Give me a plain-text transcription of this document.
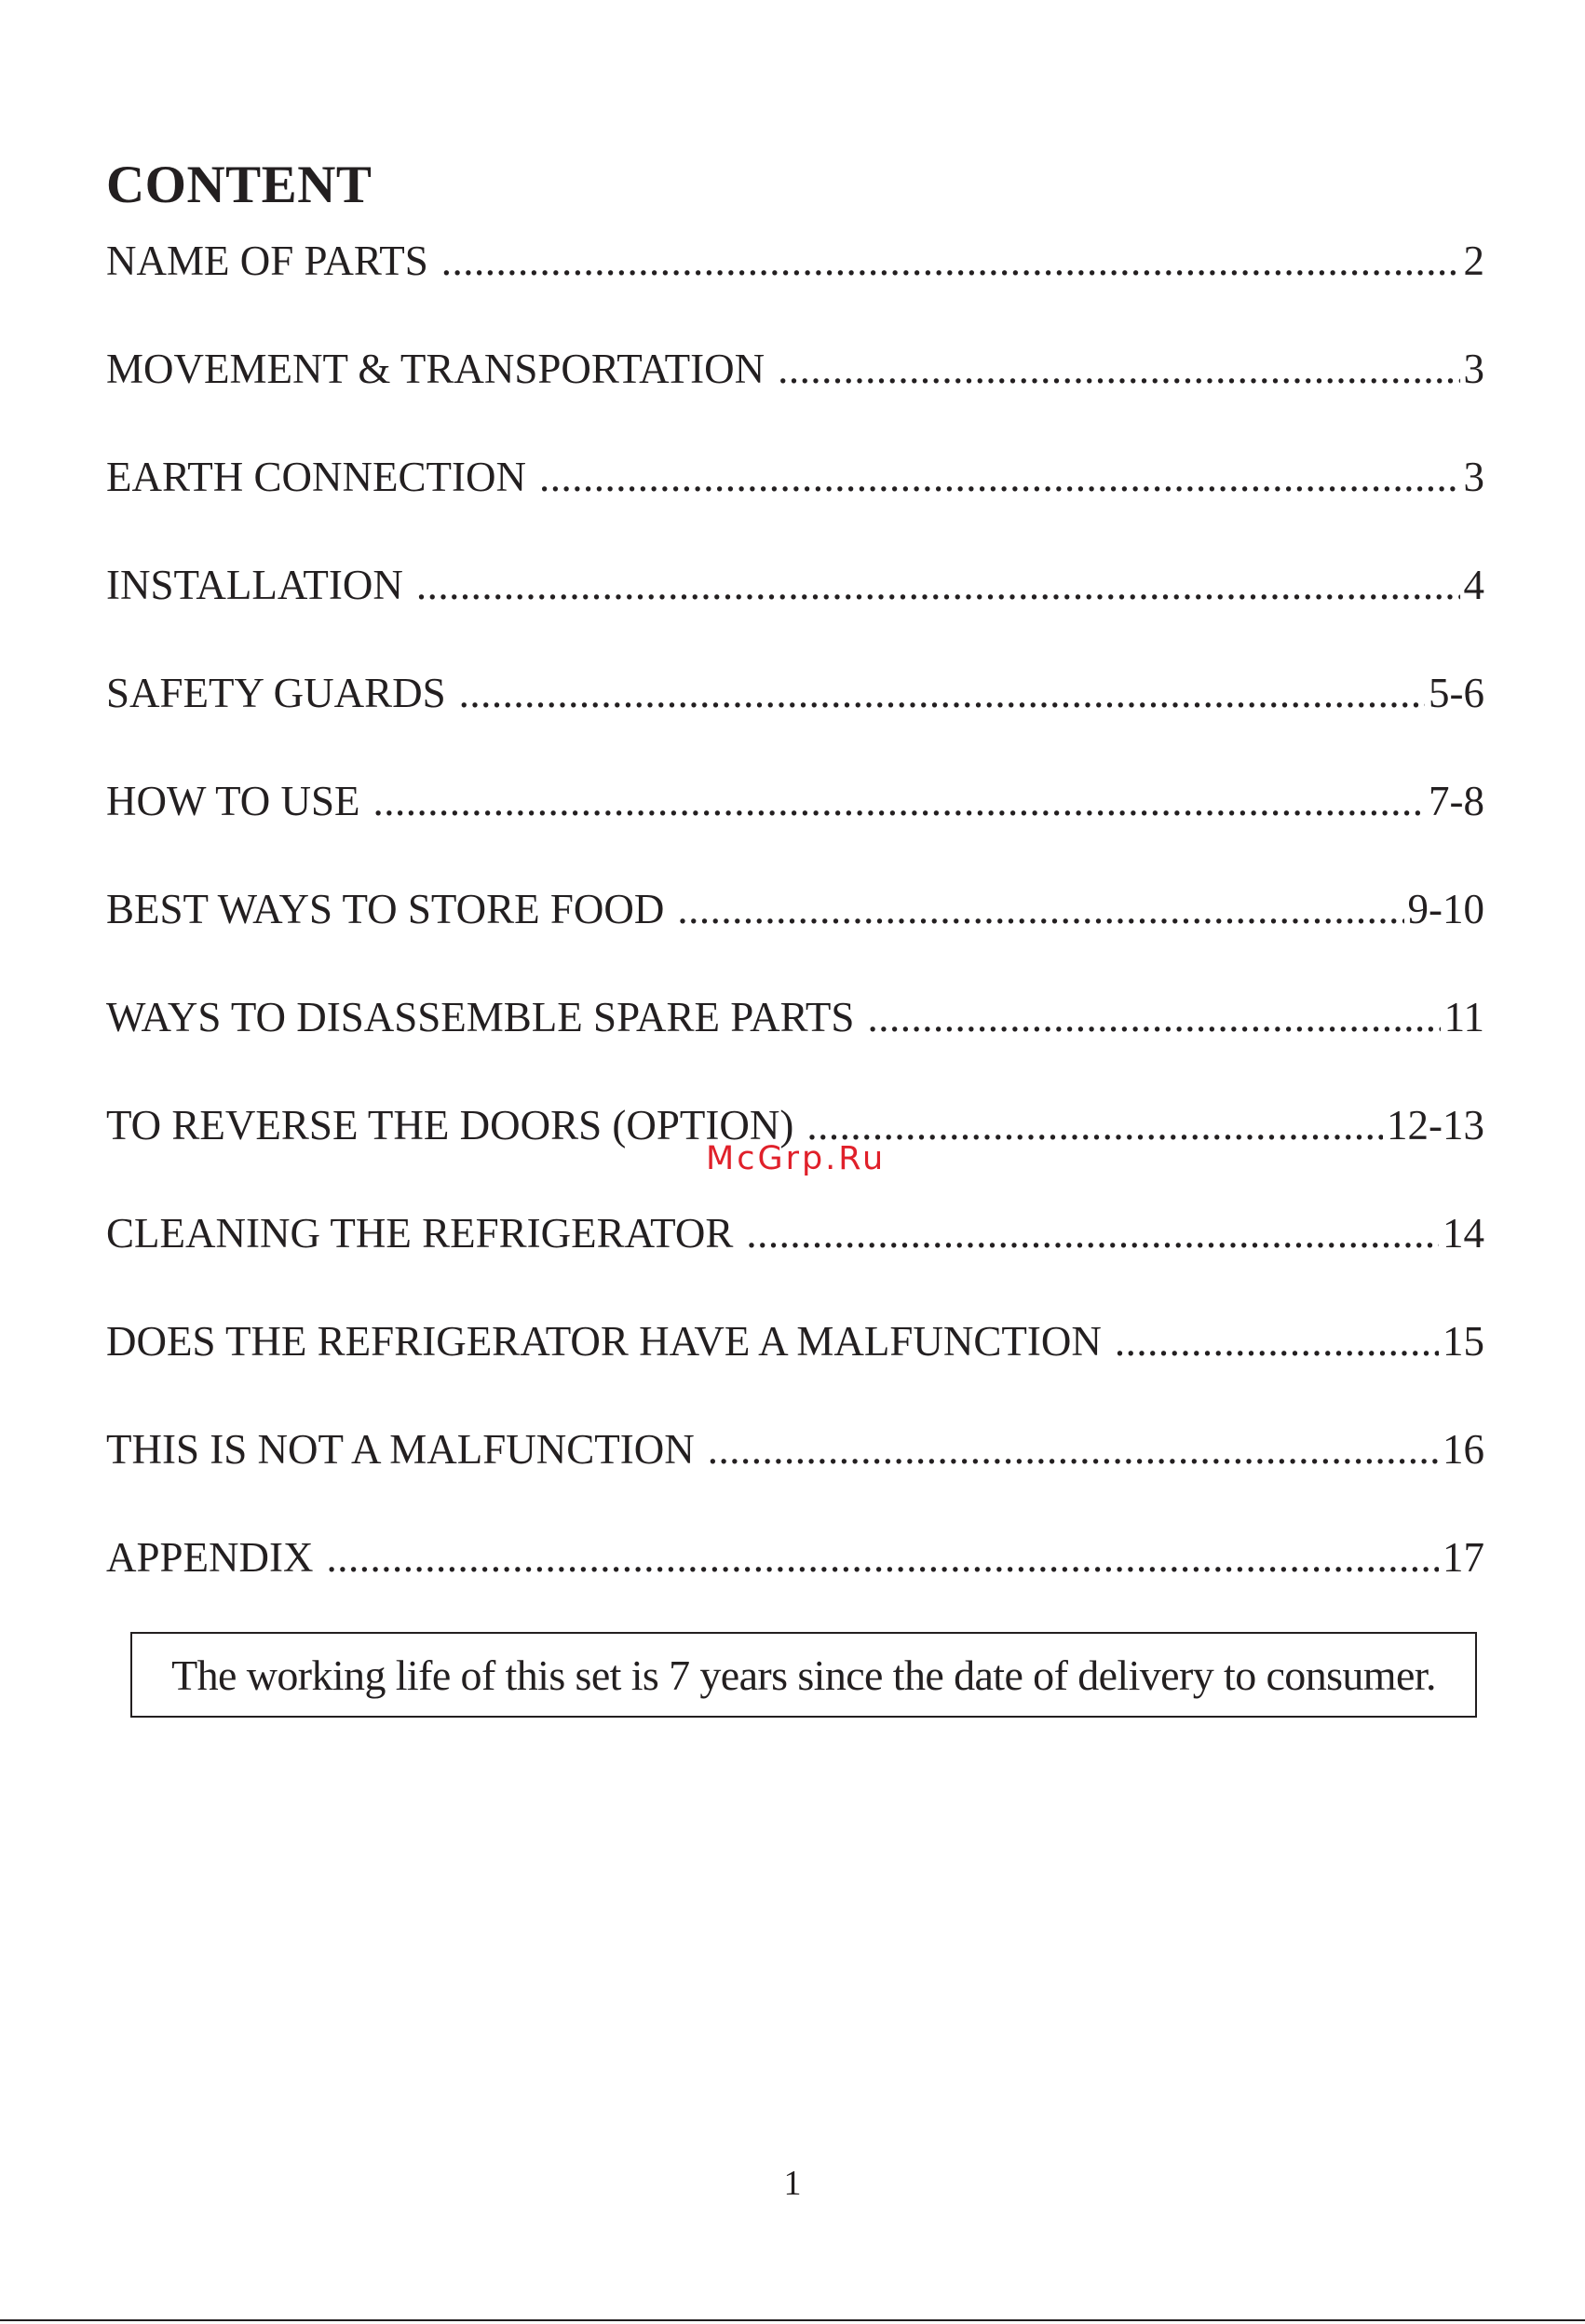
CONTENT
NAME OF PARTS .....	2
MOVEMENT & TRANSPORTATION .....	3
EARTH CONNECTION .....	3
INSTALLATION .....	4
SAFETY GUARDS .....	5-6
HOW TO USE .....	7-8
BEST WAYS TO STORE FOOD .....	9-10
WAYS TO DISASSEMBLE SPARE PARTS .....	11
TO REVERSE THE DOORS (OPTION) .....	12-13
CLEANING THE REFRIGERATOR .....	14
DOES THE REFRIGERATOR HAVE A MALFUNCTION .....	15
THIS IS NOT A MALFUNCTION .....	16
APPENDIX .....	17
McGrp.Ru
The working life of this set is 7 years since the date of delivery to consumer.
1
